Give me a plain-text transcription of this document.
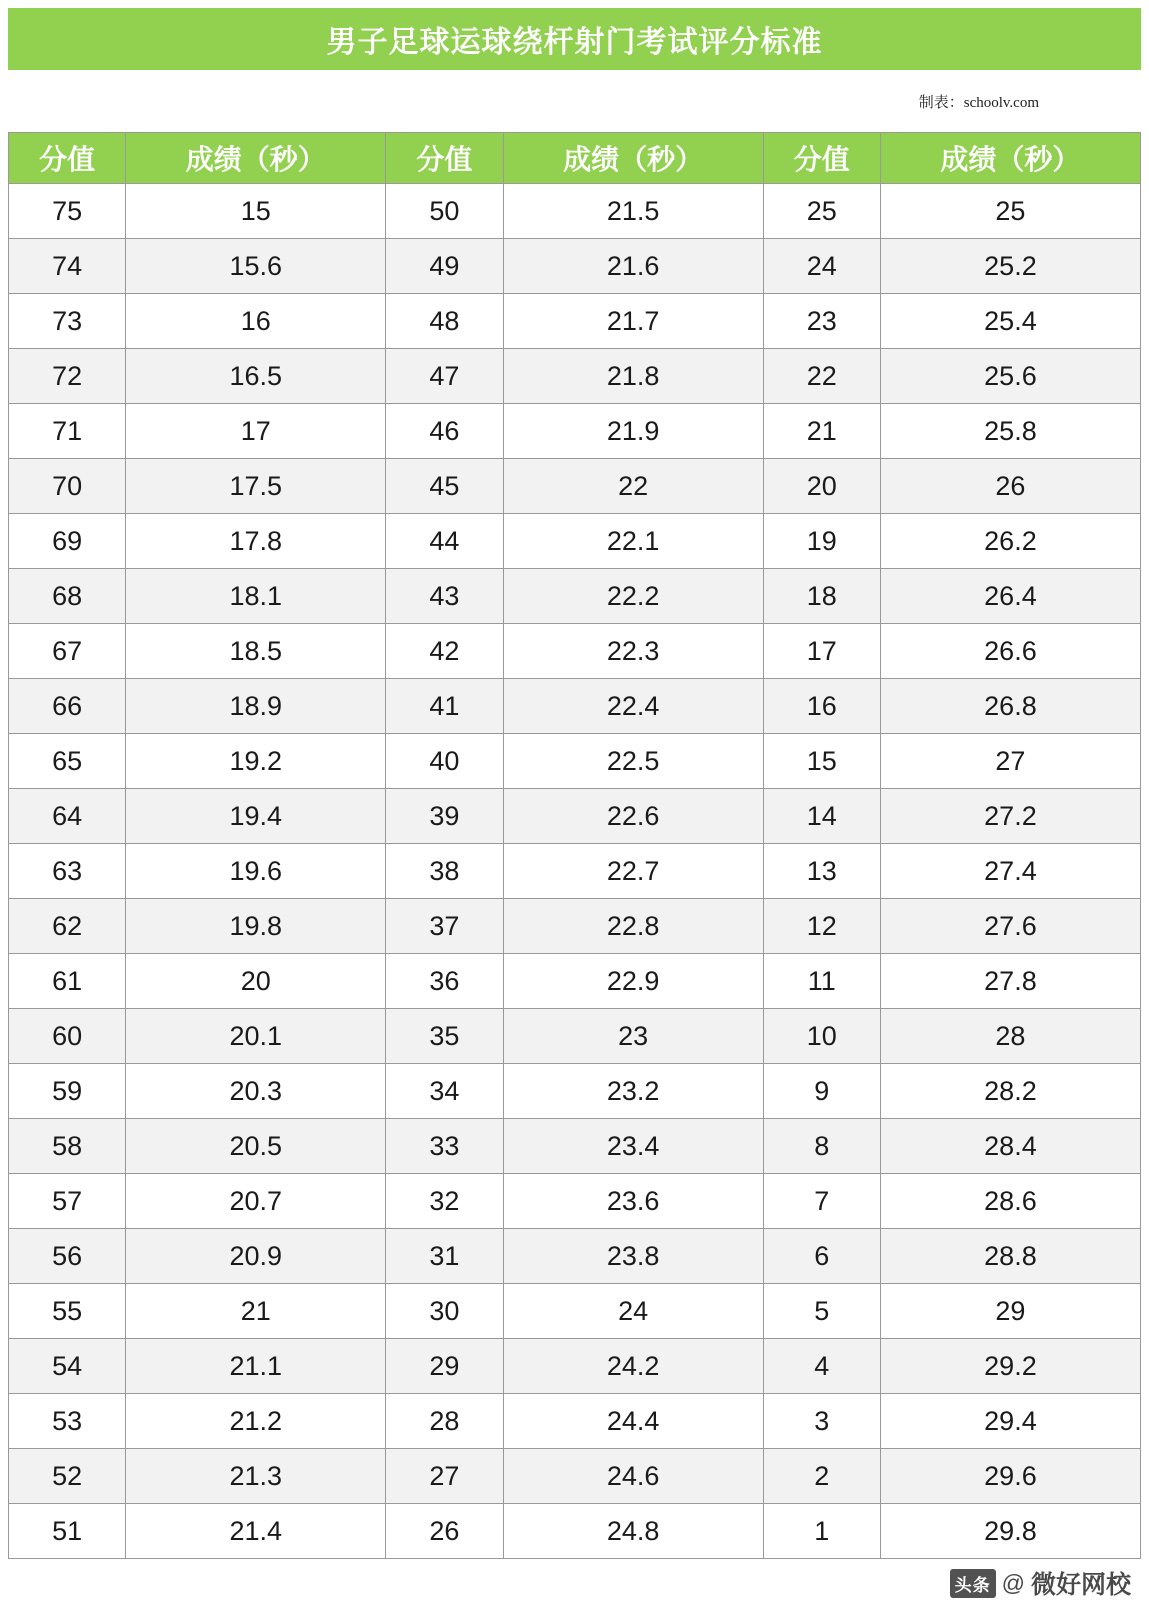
男子足球运球绕杆射门考试评分标准
制表：schoolv.com
分值	成绩（秒）	分值	成绩（秒）	分值	成绩（秒）
75	15	50	21.5	25	25
74	15.6	49	21.6	24	25.2
73	16	48	21.7	23	25.4
72	16.5	47	21.8	22	25.6
71	17	46	21.9	21	25.8
70	17.5	45	22	20	26
69	17.8	44	22.1	19	26.2
68	18.1	43	22.2	18	26.4
67	18.5	42	22.3	17	26.6
66	18.9	41	22.4	16	26.8
65	19.2	40	22.5	15	27
64	19.4	39	22.6	14	27.2
63	19.6	38	22.7	13	27.4
62	19.8	37	22.8	12	27.6
61	20	36	22.9	11	27.8
60	20.1	35	23	10	28
59	20.3	34	23.2	9	28.2
58	20.5	33	23.4	8	28.4
57	20.7	32	23.6	7	28.6
56	20.9	31	23.8	6	28.8
55	21	30	24	5	29
54	21.1	29	24.2	4	29.2
53	21.2	28	24.4	3	29.4
52	21.3	27	24.6	2	29.6
51	21.4	26	24.8	1	29.8
头条 @ 微好网校
